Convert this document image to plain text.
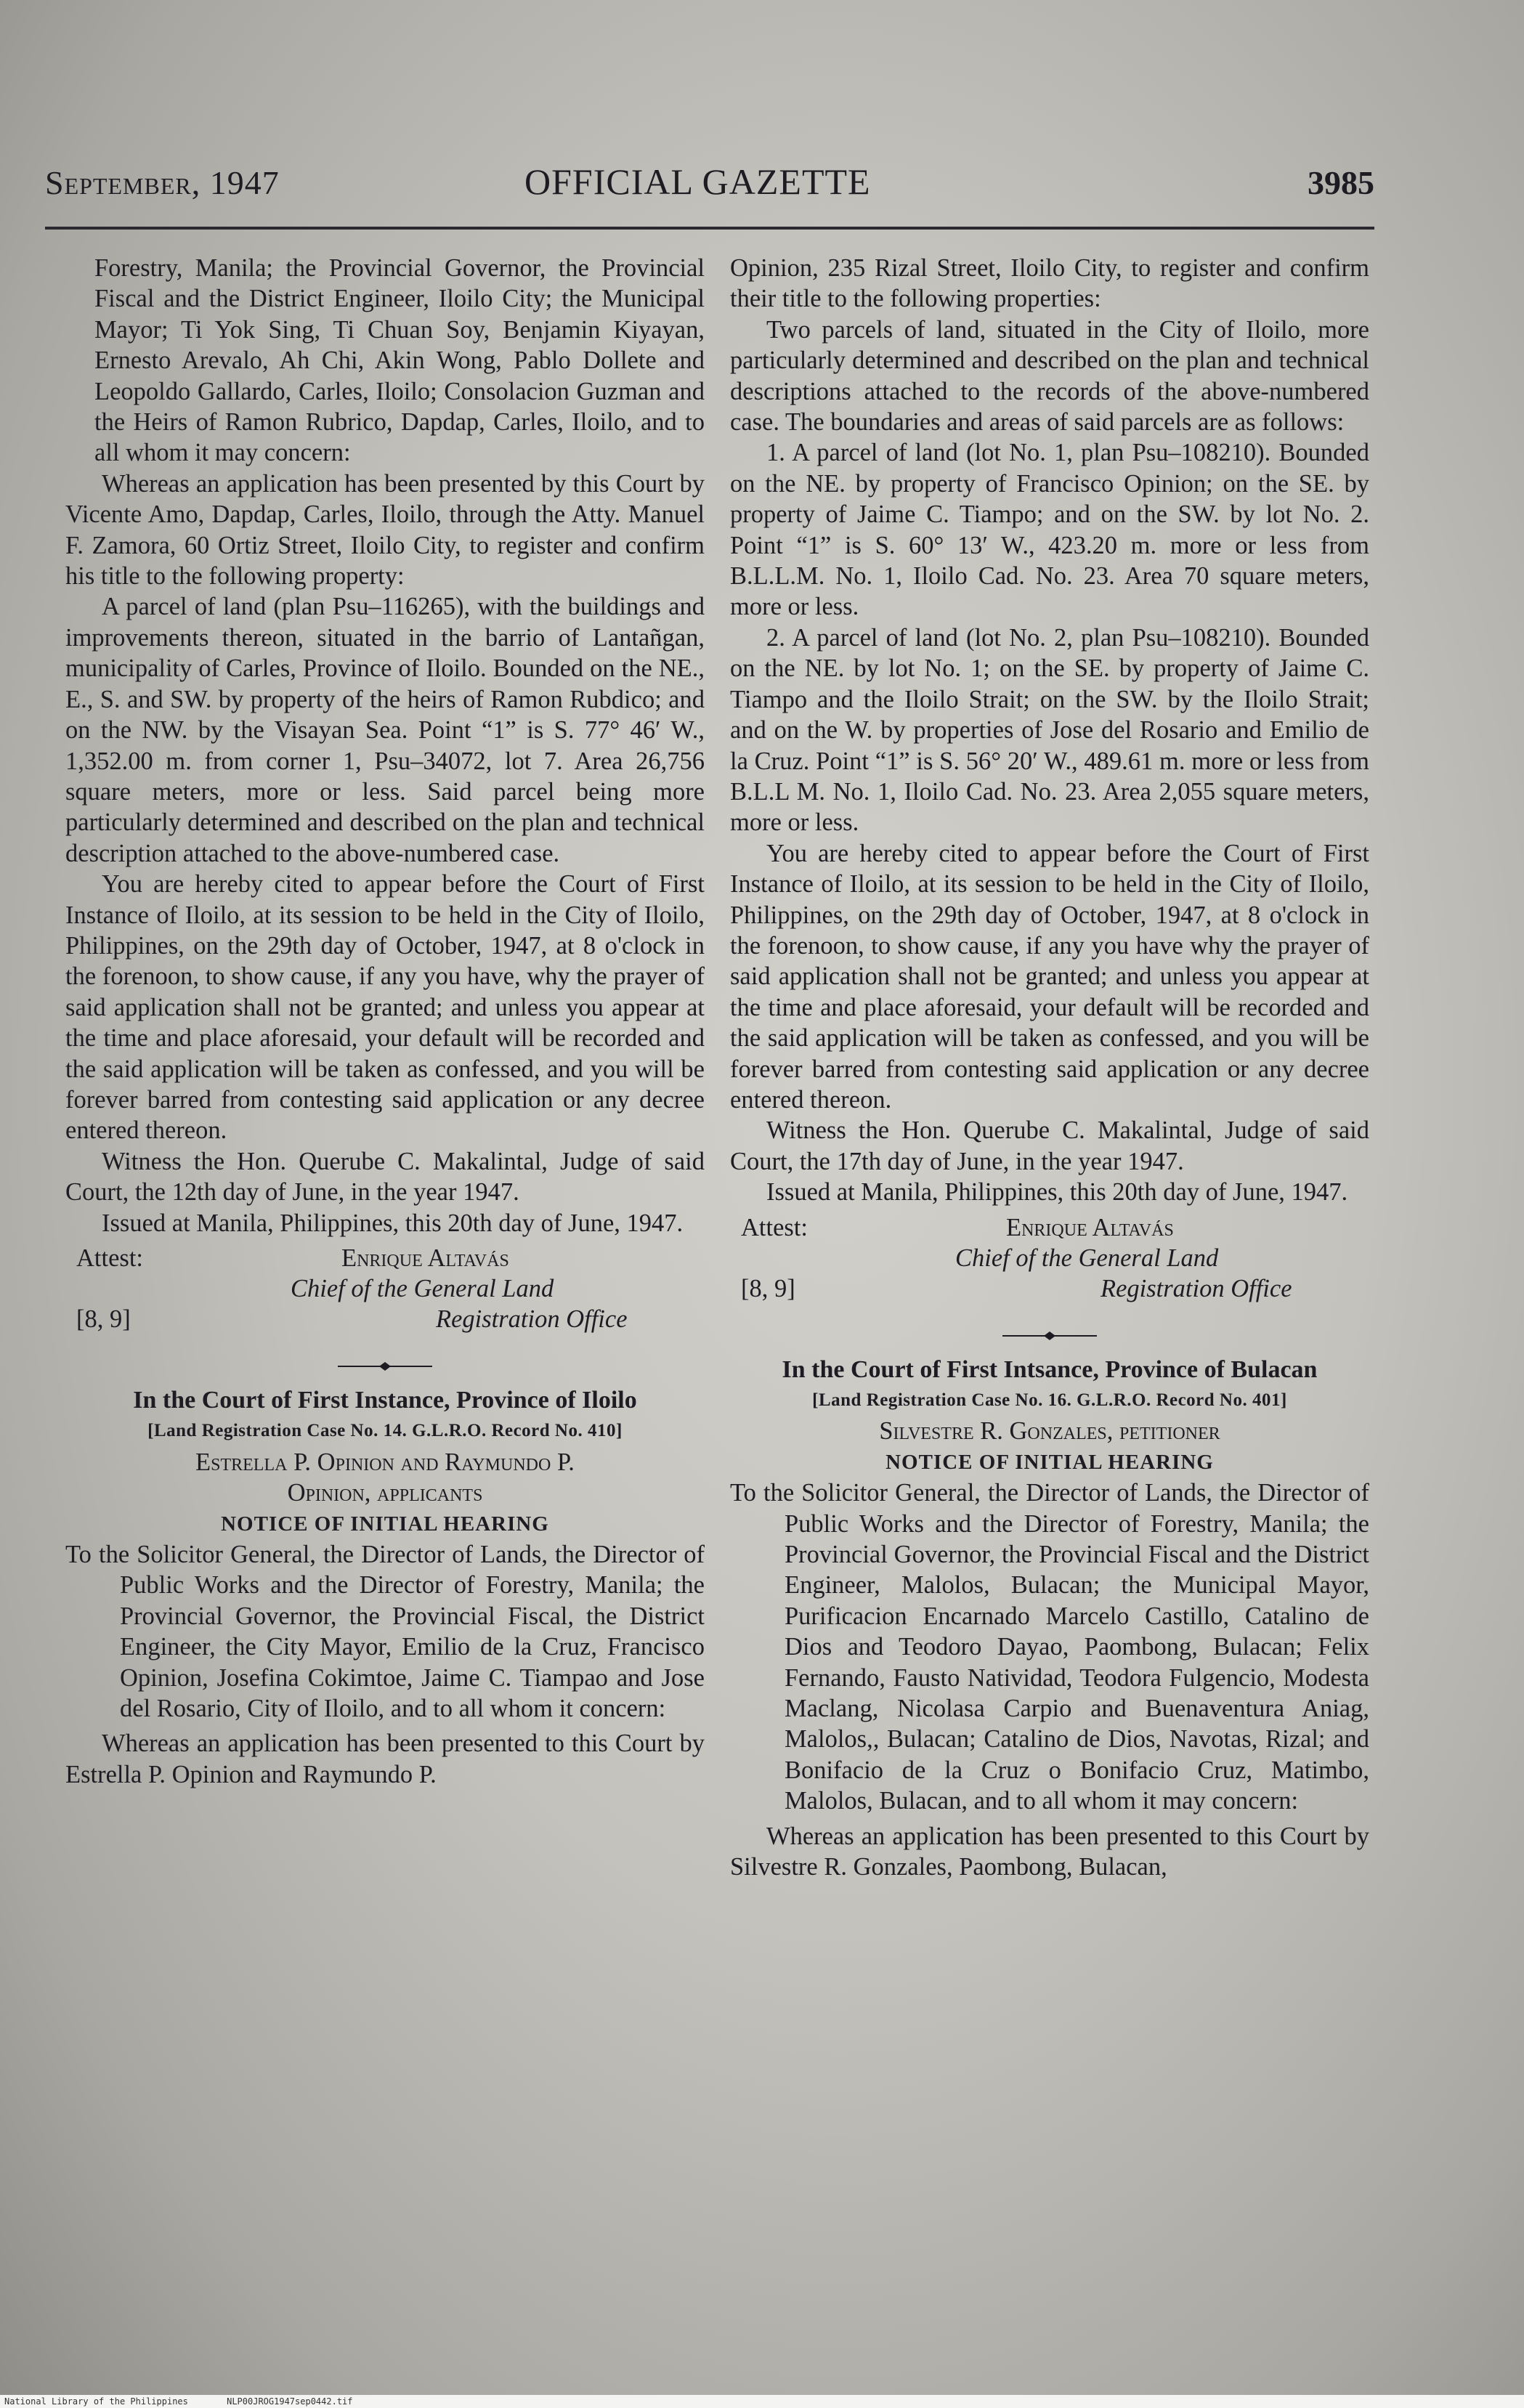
September, 1947	OFFICIAL GAZETTE	3985

Forestry, Manila; the Provincial Governor, the Provincial Fiscal and the District Engineer, Iloilo City; the Municipal Mayor; Ti Yok Sing, Ti Chuan Soy, Benjamin Kiyayan, Ernesto Arevalo, Ah Chi, Akin Wong, Pablo Dollete and Leopoldo Gallardo, Carles, Iloilo; Consolacion Guzman and the Heirs of Ramon Rubrico, Dapdap, Carles, Iloilo, and to all whom it may concern:

Whereas an application has been presented by this Court by Vicente Amo, Dapdap, Carles, Iloilo, through the Atty. Manuel F. Zamora, 60 Ortiz Street, Iloilo City, to register and confirm his title to the following property:

A parcel of land (plan Psu–116265), with the buildings and improvements thereon, situated in the barrio of Lantañgan, municipality of Carles, Province of Iloilo. Bounded on the NE., E., S. and SW. by property of the heirs of Ramon Rubdico; and on the NW. by the Visayan Sea. Point “1” is S. 77° 46′ W., 1,352.00 m. from corner 1, Psu–34072, lot 7. Area 26,756 square meters, more or less. Said parcel being more particularly determined and described on the plan and technical description attached to the above-numbered case.

You are hereby cited to appear before the Court of First Instance of Iloilo, at its session to be held in the City of Iloilo, Philippines, on the 29th day of October, 1947, at 8 o'clock in the forenoon, to show cause, if any you have, why the prayer of said application shall not be granted; and unless you appear at the time and place aforesaid, your default will be recorded and the said application will be taken as confessed, and you will be forever barred from contesting said application or any decree entered thereon.

Witness the Hon. Querube C. Makalintal, Judge of said Court, the 12th day of June, in the year 1947.

Issued at Manila, Philippines, this 20th day of June, 1947.

Attest:	Enrique Altavás
Chief of the General Land
[8, 9]	Registration Office

In the Court of First Instance, Province of Iloilo

[Land Registration Case No. 14. G.L.R.O. Record No. 410]

Estrella P. Opinion and Raymundo P.

Opinion, applicants

NOTICE OF INITIAL HEARING

To the Solicitor General, the Director of Lands, the Director of Public Works and the Director of Forestry, Manila; the Provincial Governor, the Provincial Fiscal, the District Engineer, the City Mayor, Emilio de la Cruz, Francisco Opinion, Josefina Cokimtoe, Jaime C. Tiampao and Jose del Rosario, City of Iloilo, and to all whom it concern:

Whereas an application has been presented to this Court by Estrella P. Opinion and Raymundo P.

Opinion, 235 Rizal Street, Iloilo City, to register and confirm their title to the following properties:

Two parcels of land, situated in the City of Iloilo, more particularly determined and described on the plan and technical descriptions attached to the records of the above-numbered case. The boundaries and areas of said parcels are as follows:

1. A parcel of land (lot No. 1, plan Psu–108210). Bounded on the NE. by property of Francisco Opinion; on the SE. by property of Jaime C. Tiampo; and on the SW. by lot No. 2. Point “1” is S. 60° 13′ W., 423.20 m. more or less from B.L.L.M. No. 1, Iloilo Cad. No. 23. Area 70 square meters, more or less.

2. A parcel of land (lot No. 2, plan Psu–108210). Bounded on the NE. by lot No. 1; on the SE. by property of Jaime C. Tiampo and the Iloilo Strait; on the SW. by the Iloilo Strait; and on the W. by properties of Jose del Rosario and Emilio de la Cruz. Point “1” is S. 56° 20′ W., 489.61 m. more or less from B.L.L M. No. 1, Iloilo Cad. No. 23. Area 2,055 square meters, more or less.

You are hereby cited to appear before the Court of First Instance of Iloilo, at its session to be held in the City of Iloilo, Philippines, on the 29th day of October, 1947, at 8 o'clock in the forenoon, to show cause, if any you have why the prayer of said application shall not be granted; and unless you appear at the time and place aforesaid, your default will be recorded and the said application will be taken as confessed, and you will be forever barred from contesting said application or any decree entered thereon.

Witness the Hon. Querube C. Makalintal, Judge of said Court, the 17th day of June, in the year 1947.

Issued at Manila, Philippines, this 20th day of June, 1947.

Attest:	Enrique Altavás
Chief of the General Land
[8, 9]	Registration Office

In the Court of First Intsance, Province of Bulacan

[Land Registration Case No. 16. G.L.R.O. Record No. 401]

Silvestre R. Gonzales, petitioner

NOTICE OF INITIAL HEARING

To the Solicitor General, the Director of Lands, the Director of Public Works and the Director of Forestry, Manila; the Provincial Governor, the Provincial Fiscal and the District Engineer, Malolos, Bulacan; the Municipal Mayor, Purificacion Encarnado Marcelo Castillo, Catalino de Dios and Teodoro Dayao, Paombong, Bulacan; Felix Fernando, Fausto Natividad, Teodora Fulgencio, Modesta Maclang, Nicolasa Carpio and Buenaventura Aniag, Malolos,, Bulacan; Catalino de Dios, Navotas, Rizal; and Bonifacio de la Cruz o Bonifacio Cruz, Matimbo, Malolos, Bulacan, and to all whom it may concern:

Whereas an application has been presented to this Court by Silvestre R. Gonzales, Paombong, Bulacan,

National Library of the Philippines	NLP00JROG1947sep0442.tif
